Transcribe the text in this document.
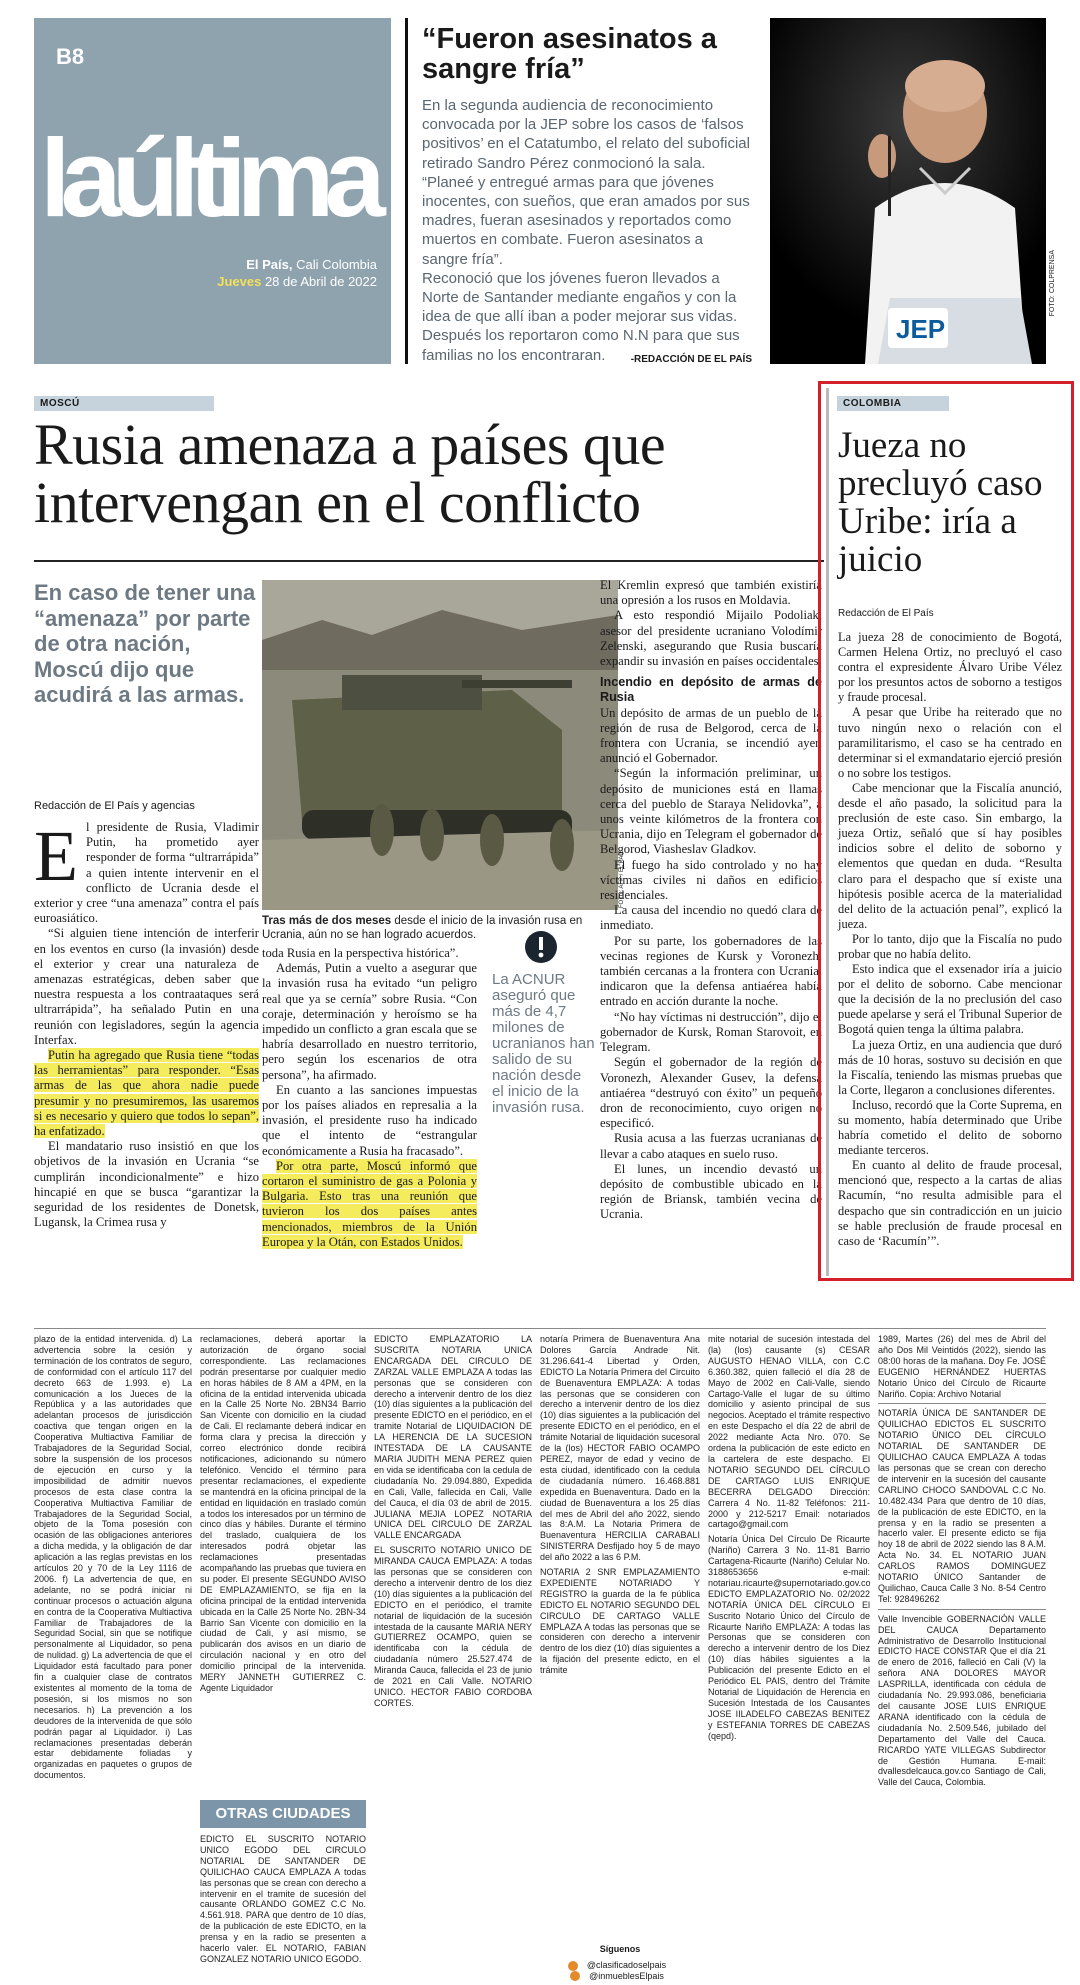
B8
laúltima
El País, Cali Colombia
Jueves 28 de Abril de 2022
“Fueron asesinatos a sangre fría”

En la segunda audiencia de reconocimiento convocada por la JEP sobre los casos de ‘falsos positivos’ en el Catatumbo, el relato del suboficial retirado Sandro Pérez conmocionó la sala. “Planeé y entregué armas para que jóvenes inocentes, con sueños, que eran amados por sus madres, fueran asesinados y reportados como muertos en combate. Fueron asesinatos a sangre fría”.

Reconoció que los jóvenes fueron llevados a Norte de Santander mediante engaños y con la idea de que allí iban a poder mejorar sus vidas. Después los reportaron como N.N para que sus familias no los encontraran.	-REDACCIÓN DE EL PAÍS
JEP
FOTO: COLPRENSA
MOSCÚ	COLOMBIA
Rusia amenaza a países que intervengan en el conflicto
En caso de tener una “amenaza” por parte de otra nación, Moscú dijo que acudirá a las armas.
Redacción de El País y agencias
E l presidente de Rusia, Vladimir Putin, ha prometido ayer responder de forma “ultrarrápida” a quien intente intervenir en el conflicto de Ucrania desde el exterior y cree “una amenaza” contra el país euroasiático.

“Si alguien tiene intención de interferir en los eventos en curso (la invasión) desde el exterior y crear una naturaleza de amenazas estratégicas, deben saber que nuestra respuesta a los contraataques será ultrarrápida”, ha señalado Putin en una reunión con legisladores, según la agencia Interfax.

Putin ha agregado que Rusia tiene “todas las herramientas” para responder. “Esas armas de las que ahora nadie puede presumir y no presumiremos, las usaremos si es necesario y quiero que todos lo sepan”, ha enfatizado.

El mandatario ruso insistió en que los objetivos de la invasión en Ucrania “se cumplirán incondicionalmente” e hizo hincapié en que se busca “garantizar la seguridad de los residentes de Donetsk, Lugansk, la Crimea rusa y

FOTO: AFP / EL PAÍS
Tras más de dos meses desde el inicio de la invasión rusa en Ucrania, aún no se han logrado acuerdos.

toda Rusia en la perspectiva histórica”.

Además, Putin a vuelto a asegurar que la invasión rusa ha evitado “un peligro real que ya se cernía” sobre Rusia. “Con coraje, determinación y heroísmo se ha impedido un conflicto a gran escala que se habría desarrollado en nuestro territorio, pero según los escenarios de otra persona”, ha afirmado.

En cuanto a las sanciones impuestas por los países aliados en represalia a la invasión, el presidente ruso ha indicado que el intento de “estrangular económicamente a Rusia ha fracasado”.

Por otra parte, Moscú informó que cortaron el suministro de gas a Polonia y Bulgaria. Esto tras una reunión que tuvieron los dos países antes mencionados, miembros de la Unión Europea y la Otán, con Estados Unidos.

La ACNUR aseguró que más de 4,7 milones de ucranianos han salido de su nación desde el inicio de la invasión rusa.

El Kremlin expresó que también existiría una opresión a los rusos en Moldavia.

A esto respondió Mijailo Podoliak, asesor del presidente ucraniano Volodímir Zelenski, asegurando que Rusia buscaría expandir su invasión en países occidentales.

Incendio en depósito de armas de Rusia

Un depósito de armas de un pueblo de la región de rusa de Belgorod, cerca de la frontera con Ucrania, se incendió ayer, anunció el Gobernador.

“Según la información preliminar, un depósito de municiones está en llamas cerca del pueblo de Staraya Nelidovka”, a unos veinte kilómetros de la frontera con Ucrania, dijo en Telegram el gobernador de Belgorod, Viasheslav Gladkov.

El fuego ha sido controlado y no hay víctimas civiles ni daños en edificios residenciales.

La causa del incendio no quedó clara de inmediato.

Por su parte, los gobernadores de las vecinas regiones de Kursk y Voronezh, también cercanas a la frontera con Ucrania, indicaron que la defensa antiaérea había entrado en acción durante la noche.

“No hay víctimas ni destrucción”, dijo el gobernador de Kursk, Roman Starovoit, en Telegram.

Según el gobernador de la región de Voronezh, Alexander Gusev, la defensa antiaérea “destruyó con éxito” un pequeño dron de reconocimiento, cuyo origen no especificó.

Rusia acusa a las fuerzas ucranianas de llevar a cabo ataques en suelo ruso.

El lunes, un incendio devastó un depósito de combustible ubicado en la región de Briansk, también vecina de Ucrania.

Jueza no precluyó caso Uribe: iría a juicio
Redacción de El País

La jueza 28 de conocimiento de Bogotá, Carmen Helena Ortiz, no precluyó el caso contra el expresidente Álvaro Uribe Vélez por los presuntos actos de soborno a testigos y fraude procesal.

A pesar que Uribe ha reiterado que no tuvo ningún nexo o relación con el paramilitarismo, el caso se ha centrado en determinar si el exmandatario ejerció presión o no sobre los testigos.

Cabe mencionar que la Fiscalía anunció, desde el año pasado, la solicitud para la preclusión de este caso. Sin embargo, la jueza Ortiz, señaló que sí hay posibles indicios sobre el delito de soborno y elementos que quedan en duda. “Resulta claro para el despacho que sí existe una hipótesis posible acerca de la materialidad del delito de la actuación penal”, explicó la jueza.

Por lo tanto, dijo que la Fiscalía no pudo probar que no había delito.

Esto indica que el exsenador iría a juicio por el delito de soborno. Cabe mencionar que la decisión de la no preclusión del caso puede apelarse y será el Tribunal Superior de Bogotá quien tenga la última palabra.

La jueza Ortiz, en una audiencia que duró más de 10 horas, sostuvo su decisión en que la Fiscalía, teniendo las mismas pruebas que la Corte, llegaron a conclusiones diferentes.

Incluso, recordó que la Corte Suprema, en su momento, había determinado que Uribe habría cometido el delito de soborno mediante terceros.

En cuanto al delito de fraude procesal, mencionó que, respecto a la cartas de alias Racumín, “no resulta admisible para el despacho que sin contradicción en un juicio se hable preclusión de fraude procesal en caso de ‘Racumín’”.

plazo de la entidad intervenida. d) La advertencia sobre la cesión y terminación de los contratos de seguro, de conformidad con el artículo 117 del decreto 663 de 1.993. e) La comunicación a los Jueces de la República y a las autoridades que adelantan procesos de jurisdicción coactiva que tengan origen en la Cooperativa Multiactiva Familiar de Trabajadores de la Seguridad Social, sobre la suspensión de los procesos de ejecución en curso y la imposibilidad de admitir nuevos procesos de esta clase contra la Cooperativa Multiactiva Familiar de Trabajadores de la Seguridad Social, objeto de la Toma posesión con ocasión de las obligaciones anteriores a dicha medida, y la obligación de dar aplicación a las reglas previstas en los artículos 20 y 70 de la Ley 1116 de 2006. f) La advertencia de que, en adelante, no se podrá iniciar ni continuar procesos o actuación alguna en contra de la Cooperativa Multiactiva Familiar de Trabajadores de la Seguridad Social, sin que se notifique personalmente al Liquidador, so pena de nulidad. g) La advertencia de que el Liquidador está facultado para poner fin a cualquier clase de contratos existentes al momento de la toma de posesión, si los mismos no son necesarios. h) La prevención a los deudores de la intervenida de que sólo podrán pagar al Liquidador. i) Las reclamaciones presentadas deberán estar debidamente foliadas y organizadas en paquetes o grupos de documentos.

reclamaciones, deberá aportar la autorización de órgano social correspondiente. Las reclamaciones podrán presentarse por cualquier medio en horas hábiles de 8 AM a 4PM, en la oficina de la entidad intervenida ubicada en la Calle 25 Norte No. 2BN34 Barrio San Vicente con domicilio en la ciudad de Cali. El reclamante deberá indicar en forma clara y precisa la dirección y correo electrónico donde recibirá notificaciones, adicionando su número telefónico. Vencido el término para presentar reclamaciones, el expediente se mantendrá en la oficina principal de la entidad en liquidación en traslado común a todos los interesados por un término de cinco días y hábiles. Durante el término del traslado, cualquiera de los interesados podrá objetar las reclamaciones presentadas acompañando las pruebas que tuviera en su poder. El presente SEGUNDO AVISO DE EMPLAZAMIENTO, se fija en la oficina principal de la entidad intervenida ubicada en la Calle 25 Norte No. 2BN-34 Barrio San Vicente con domicilio en la ciudad de Cali, y así mismo, se publicarán dos avisos en un diario de circulación nacional y en otro del domicilio principal de la intervenida. MERY JANNETH GUTIERREZ C. Agente Liquidador

OTRAS CIUDADES

EDICTO EL SUSCRITO NOTARIO UNICO EGODO DEL CIRCULO NOTARIAL DE SANTANDER DE QUILICHAO CAUCA EMPLAZA A todas las personas que se crean con derecho a intervenir en el tramite de sucesión del causante ORLANDO GOMEZ C.C No. 4.561.918. PARA que dentro de 10 días, de la publicación de este EDICTO, en la prensa y en la radio se presenten a hacerlo valer. EL NOTARIO, FABIAN GONZALEZ NOTARIO UNICO EGODO.

EDICTO EMPLAZATORIO LA SUSCRITA NOTARIA UNICA ENCARGADA DEL CIRCULO DE ZARZAL VALLE EMPLAZA A todas las personas que se consideren con derecho a intervenir dentro de los diez (10) días siguientes a la publicación del presente EDICTO en el periódico, en el tramite Notarial de LIQUIDACION DE LA HERENCIA DE LA SUCESION INTESTADA DE LA CAUSANTE MARIA JUDITH MENA PEREZ quien en vida se identificaba con la cedula de ciudadanía No. 29.094.880, Expedida en Cali, Valle, fallecida en Cali, Valle del Cauca, el día 03 de abril de 2015. JULIANA MEJIA LOPEZ NOTARIA UNICA DEL CIRCULO DE ZARZAL VALLE ENCARGADA

EL SUSCRITO NOTARIO UNICO DE MIRANDA CAUCA EMPLAZA: A todas las personas que se consideren con derecho a intervenir dentro de los diez (10) días siguientes a la publicación del EDICTO en el periódico, el tramite notarial de liquidación de la sucesión intestada de la causante MARIA NERY GUTIERREZ OCAMPO, quien se identificaba con la cédula de ciudadanía número 25.527.474 de Miranda Cauca, fallecida el 23 de junio de 2021 en Cali Valle. NOTARIO UNICO. HECTOR FABIO CORDOBA CORTES.

notaría Primera de Buenaventura Ana Dolores García Andrade Nit. 31.296.641-4 Libertad y Orden, EDICTO La Notaría Primera del Circuito de Buenaventura EMPLAZA: A todas las personas que se consideren con derecho a intervenir dentro de los diez (10) días siguientes a la publicación del presente EDICTO en el periódico, en el trámite Notarial de liquidación sucesoral de la (los) HECTOR FABIO OCAMPO PEREZ, mayor de edad y vecino de esta ciudad, identificado con la cedula de ciudadanía número. 16.468.881 expedida en Buenaventura. Dado en la ciudad de Buenaventura a los 25 días del mes de Abril del año 2022, siendo las 8:A.M. La Notaria Primera de Buenaventura HERCILIA CARABALI SINISTERRA Desfijado hoy 5 de mayo del año 2022 a las 6 P.M.

NOTARIA 2 SNR EMPLAZAMIENTO EXPEDIENTE NOTARIADO Y REGISTRO la guarda de la fe pública EDICTO EL NOTARIO SEGUNDO DEL CIRCULO DE CARTAGO VALLE EMPLAZA A todas las personas que se consideren con derecho a intervenir dentro de los diez (10) días siguientes a la fijación del presente edicto, en el trámite

Síguenos
@clasificadoselpais @inmueblesElpais

mite notarial de sucesión intestada del (la) (los) causante (s) CESAR AUGUSTO HENAO VILLA, con C.C 6.360.382, quien falleció el día 28 de Mayo de 2002 en Cali-Valle, siendo Cartago-Valle el lugar de su último domicilio y asiento principal de sus negocios. Aceptado el trámite respectivo en este Despacho el día 22 de abril de 2022 mediante Acta Nro. 070. Se ordena la publicación de este edicto en la cartelera de este despacho. El NOTARIO SEGUNDO DEL CÍRCULO DE CARTAGO LUIS ENRIQUE BECERRA DELGADO Dirección: Carrera 4 No. 11-82 Teléfonos: 211-2000 y 212-5217 Email: notariados cartago@gmail.com

Notaría Única Del Círculo De Ricaurte (Nariño) Carrera 3 No. 11-81 Barrio Cartagena-Ricaurte (Nariño) Celular No. 3188653656 e-mail: notariau.ricaurte@supernotariado.gov.co EDICTO EMPLAZATORIO No. 02/2022 NOTARÍA ÚNICA DEL CÍRCULO El Suscrito Notario Único del Círculo de Ricaurte Nariño EMPLAZA: A todas las Personas que se consideren con derecho a intervenir dentro de los Diez (10) días hábiles siguientes a la Publicación del presente Edicto en el Periódico EL PAIS, dentro del Trámite Notarial de Liquidación de Herencia en Sucesión Intestada de los Causantes JOSE IILADELFO CABEZAS BENITEZ y ESTEFANIA TORRES DE CABEZAS (qepd).

1989, Martes (26) del mes de Abril del año Dos Mil Veintidós (2022), siendo las 08:00 horas de la mañana. Doy Fe. JOSÉ EUGENIO HERNÁNDEZ HUERTAS Notario Único del Círculo de Ricaurte Nariño. Copia: Archivo Notarial

NOTARÍA ÚNICA DE SANTANDER DE QUILICHAO EDICTOS EL SUSCRITO NOTARIO ÚNICO DEL CÍRCULO NOTARIAL DE SANTANDER DE QUILICHAO CAUCA EMPLAZA A todas las personas que se crean con derecho de intervenir en la sucesión del causante CARLINO CHOCO SANDOVAL C.C No. 10.482.434 Para que dentro de 10 días, de la publicación de este EDICTO, en la prensa y en la radio se presenten a hacerlo valer. El presente edicto se fija hoy 18 de abril de 2022 siendo las 8 A.M. Acta No. 34. EL NOTARIO JUAN CARLOS RAMOS DOMINGUEZ NOTARIO ÚNICO Santander de Quilichao, Cauca Calle 3 No. 8-54 Centro Tel: 928496262

Valle Invencible GOBERNACIÓN VALLE DEL CAUCA Departamento Administrativo de Desarrollo Institucional EDICTO HACE CONSTAR Que el día 21 de enero de 2016, falleció en Cali (V) la señora ANA DOLORES MAYOR LASPRILLA, identificada con cédula de ciudadanía No. 29.993.086, beneficiaria del causante JOSE LUIS ENRIQUE ARANA identificado con la cédula de ciudadanía No. 2.509.546, jubilado del Departamento del Valle del Cauca. RICARDO YATE VILLEGAS Subdirector de Gestión Humana. E-mail: dvallesdelcauca.gov.co Santiago de Cali, Valle del Cauca, Colombia.
